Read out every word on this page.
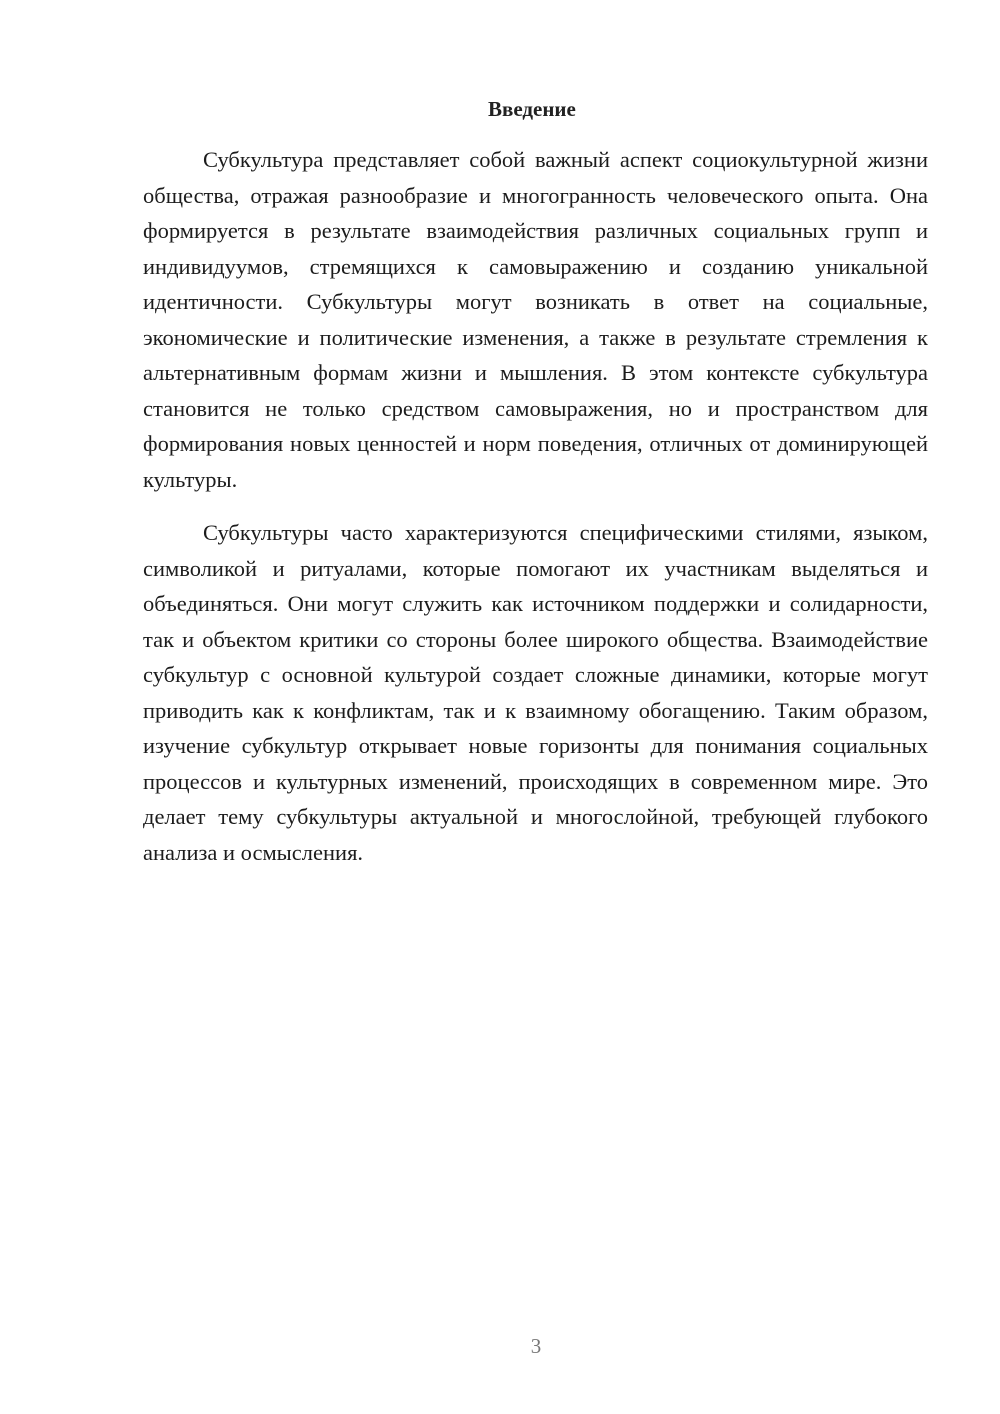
Введение

Субкультура представляет собой важный аспект социокультурной жизни общества, отражая разнообразие и многогранность человеческого опыта. Она формируется в результате взаимодействия различных социальных групп и индивидуумов, стремящихся к самовыражению и созданию уникальной идентичности. Субкультуры могут возникать в ответ на социальные, экономические и политические изменения, а также в результате стремления к альтернативным формам жизни и мышления. В этом контексте субкультура становится не только средством самовыражения, но и пространством для формирования новых ценностей и норм поведения, отличных от доминирующей культуры.

Субкультуры часто характеризуются специфическими стилями, языком, символикой и ритуалами, которые помогают их участникам выделяться и объединяться. Они могут служить как источником поддержки и солидарности, так и объектом критики со стороны более широкого общества. Взаимодействие субкультур с основной культурой создает сложные динамики, которые могут приводить как к конфликтам, так и к взаимному обогащению. Таким образом, изучение субкультур открывает новые горизонты для понимания социальных процессов и культурных изменений, происходящих в современном мире. Это делает тему субкультуры актуальной и многослойной, требующей глубокого анализа и осмысления.

3
